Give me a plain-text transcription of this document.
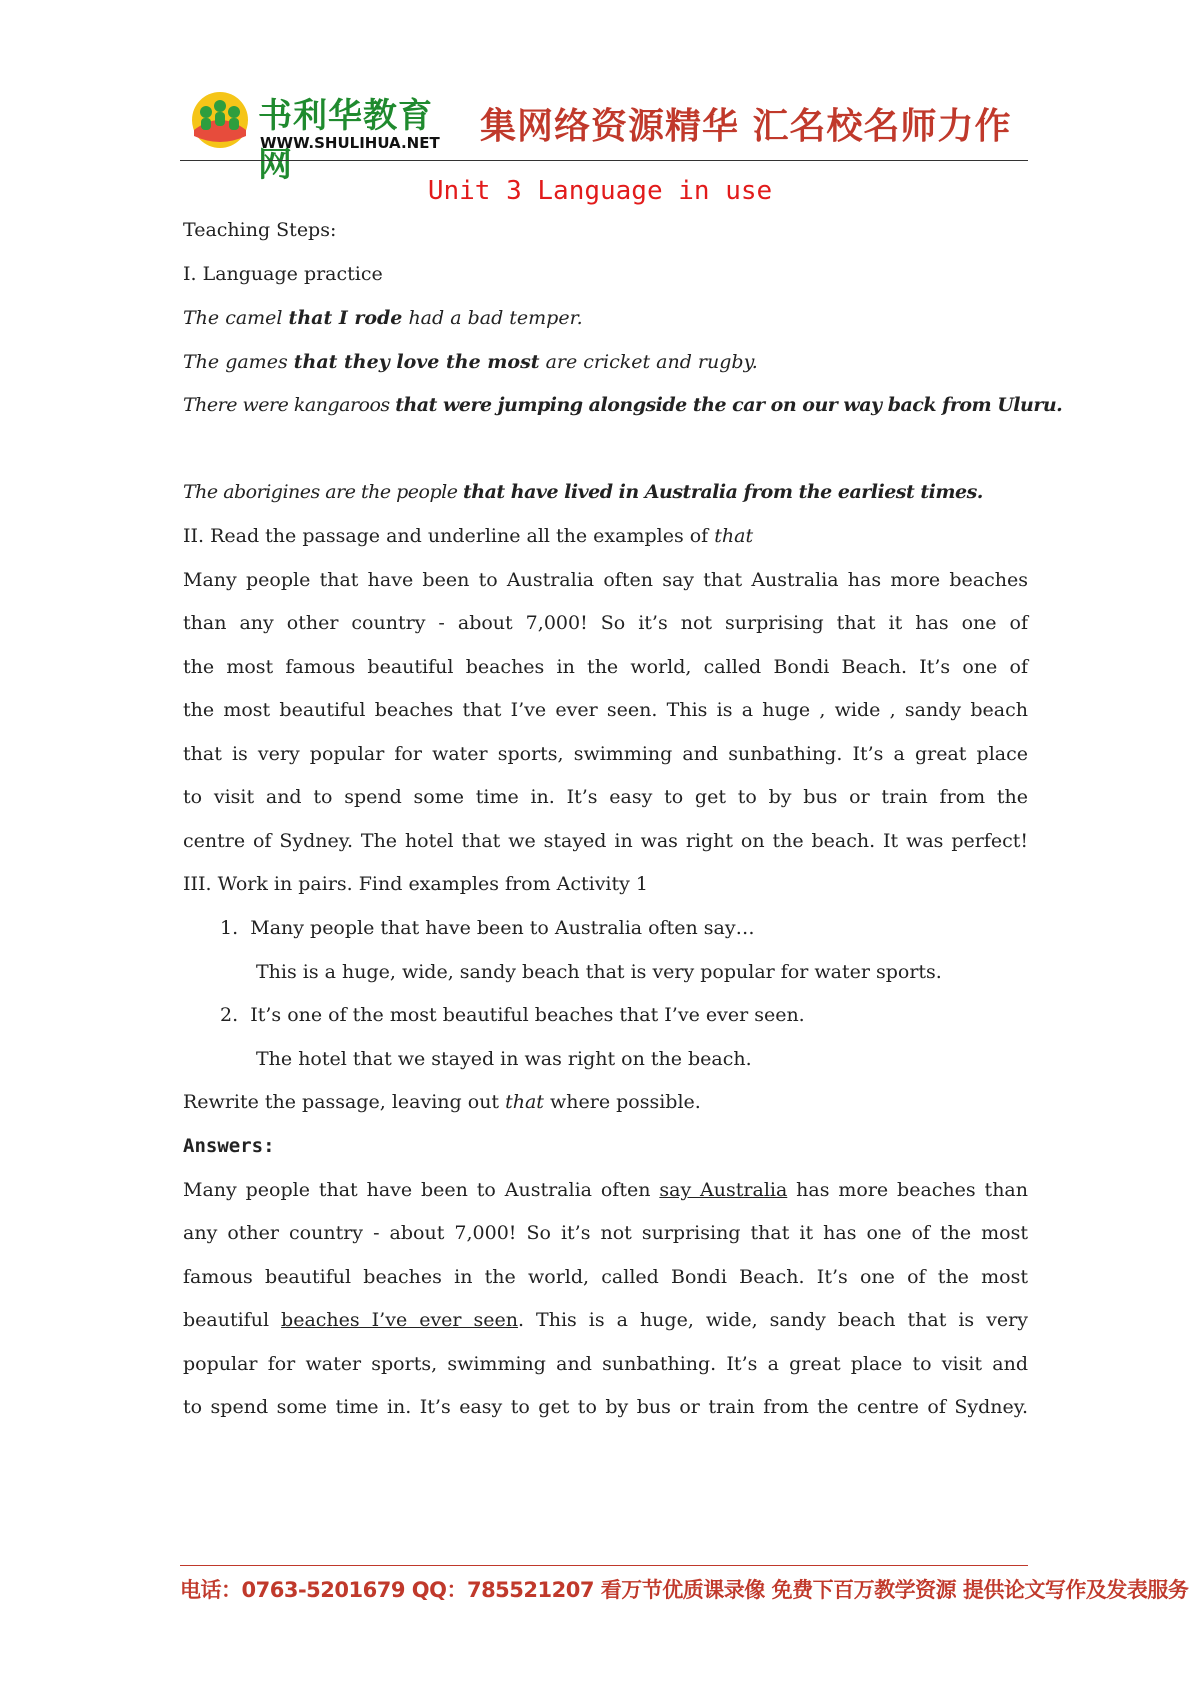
书利华教育网
WWW.SHULIHUA.NET 集网络资源精华 汇名校名师力作
Unit 3 Language in use
Teaching Steps:
I. Language practice
The camel that I rode had a bad temper.
The games that they love the most are cricket and rugby.
There were kangaroos that were jumping alongside the car on our way back from Uluru.
The aborigines are the people that have lived in Australia from the earliest times.
II. Read the passage and underline all the examples of that
Many people that have been to Australia often say that Australia has more beaches
than any other country - about 7,000! So it’s not surprising that it has one of
the most famous beautiful beaches in the world, called Bondi Beach. It’s one of
the most beautiful beaches that I’ve ever seen. This is a huge , wide , sandy beach
that is very popular for water sports, swimming and sunbathing. It’s a great place
to visit and to spend some time in. It’s easy to get to by bus or train from the
centre of Sydney. The hotel that we stayed in was right on the beach. It was perfect!
III. Work in pairs. Find examples from Activity 1
1. Many people that have been to Australia often say…
This is a huge, wide, sandy beach that is very popular for water sports.
2. It’s one of the most beautiful beaches that I’ve ever seen.
The hotel that we stayed in was right on the beach.
Rewrite the passage, leaving out that where possible.
Answers:
Many people that have been to Australia often say Australia has more beaches than
any other country - about 7,000! So it’s not surprising that it has one of the most
famous beautiful beaches in the world, called Bondi Beach. It’s one of the most
beautiful beaches I’ve ever seen. This is a huge, wide, sandy beach that is very
popular for water sports, swimming and sunbathing. It’s a great place to visit and
to spend some time in. It’s easy to get to by bus or train from the centre of Sydney.
电话：0763-5201679 QQ：785521207 看万节优质课录像 免费下百万教学资源 提供论文写作及发表服务
